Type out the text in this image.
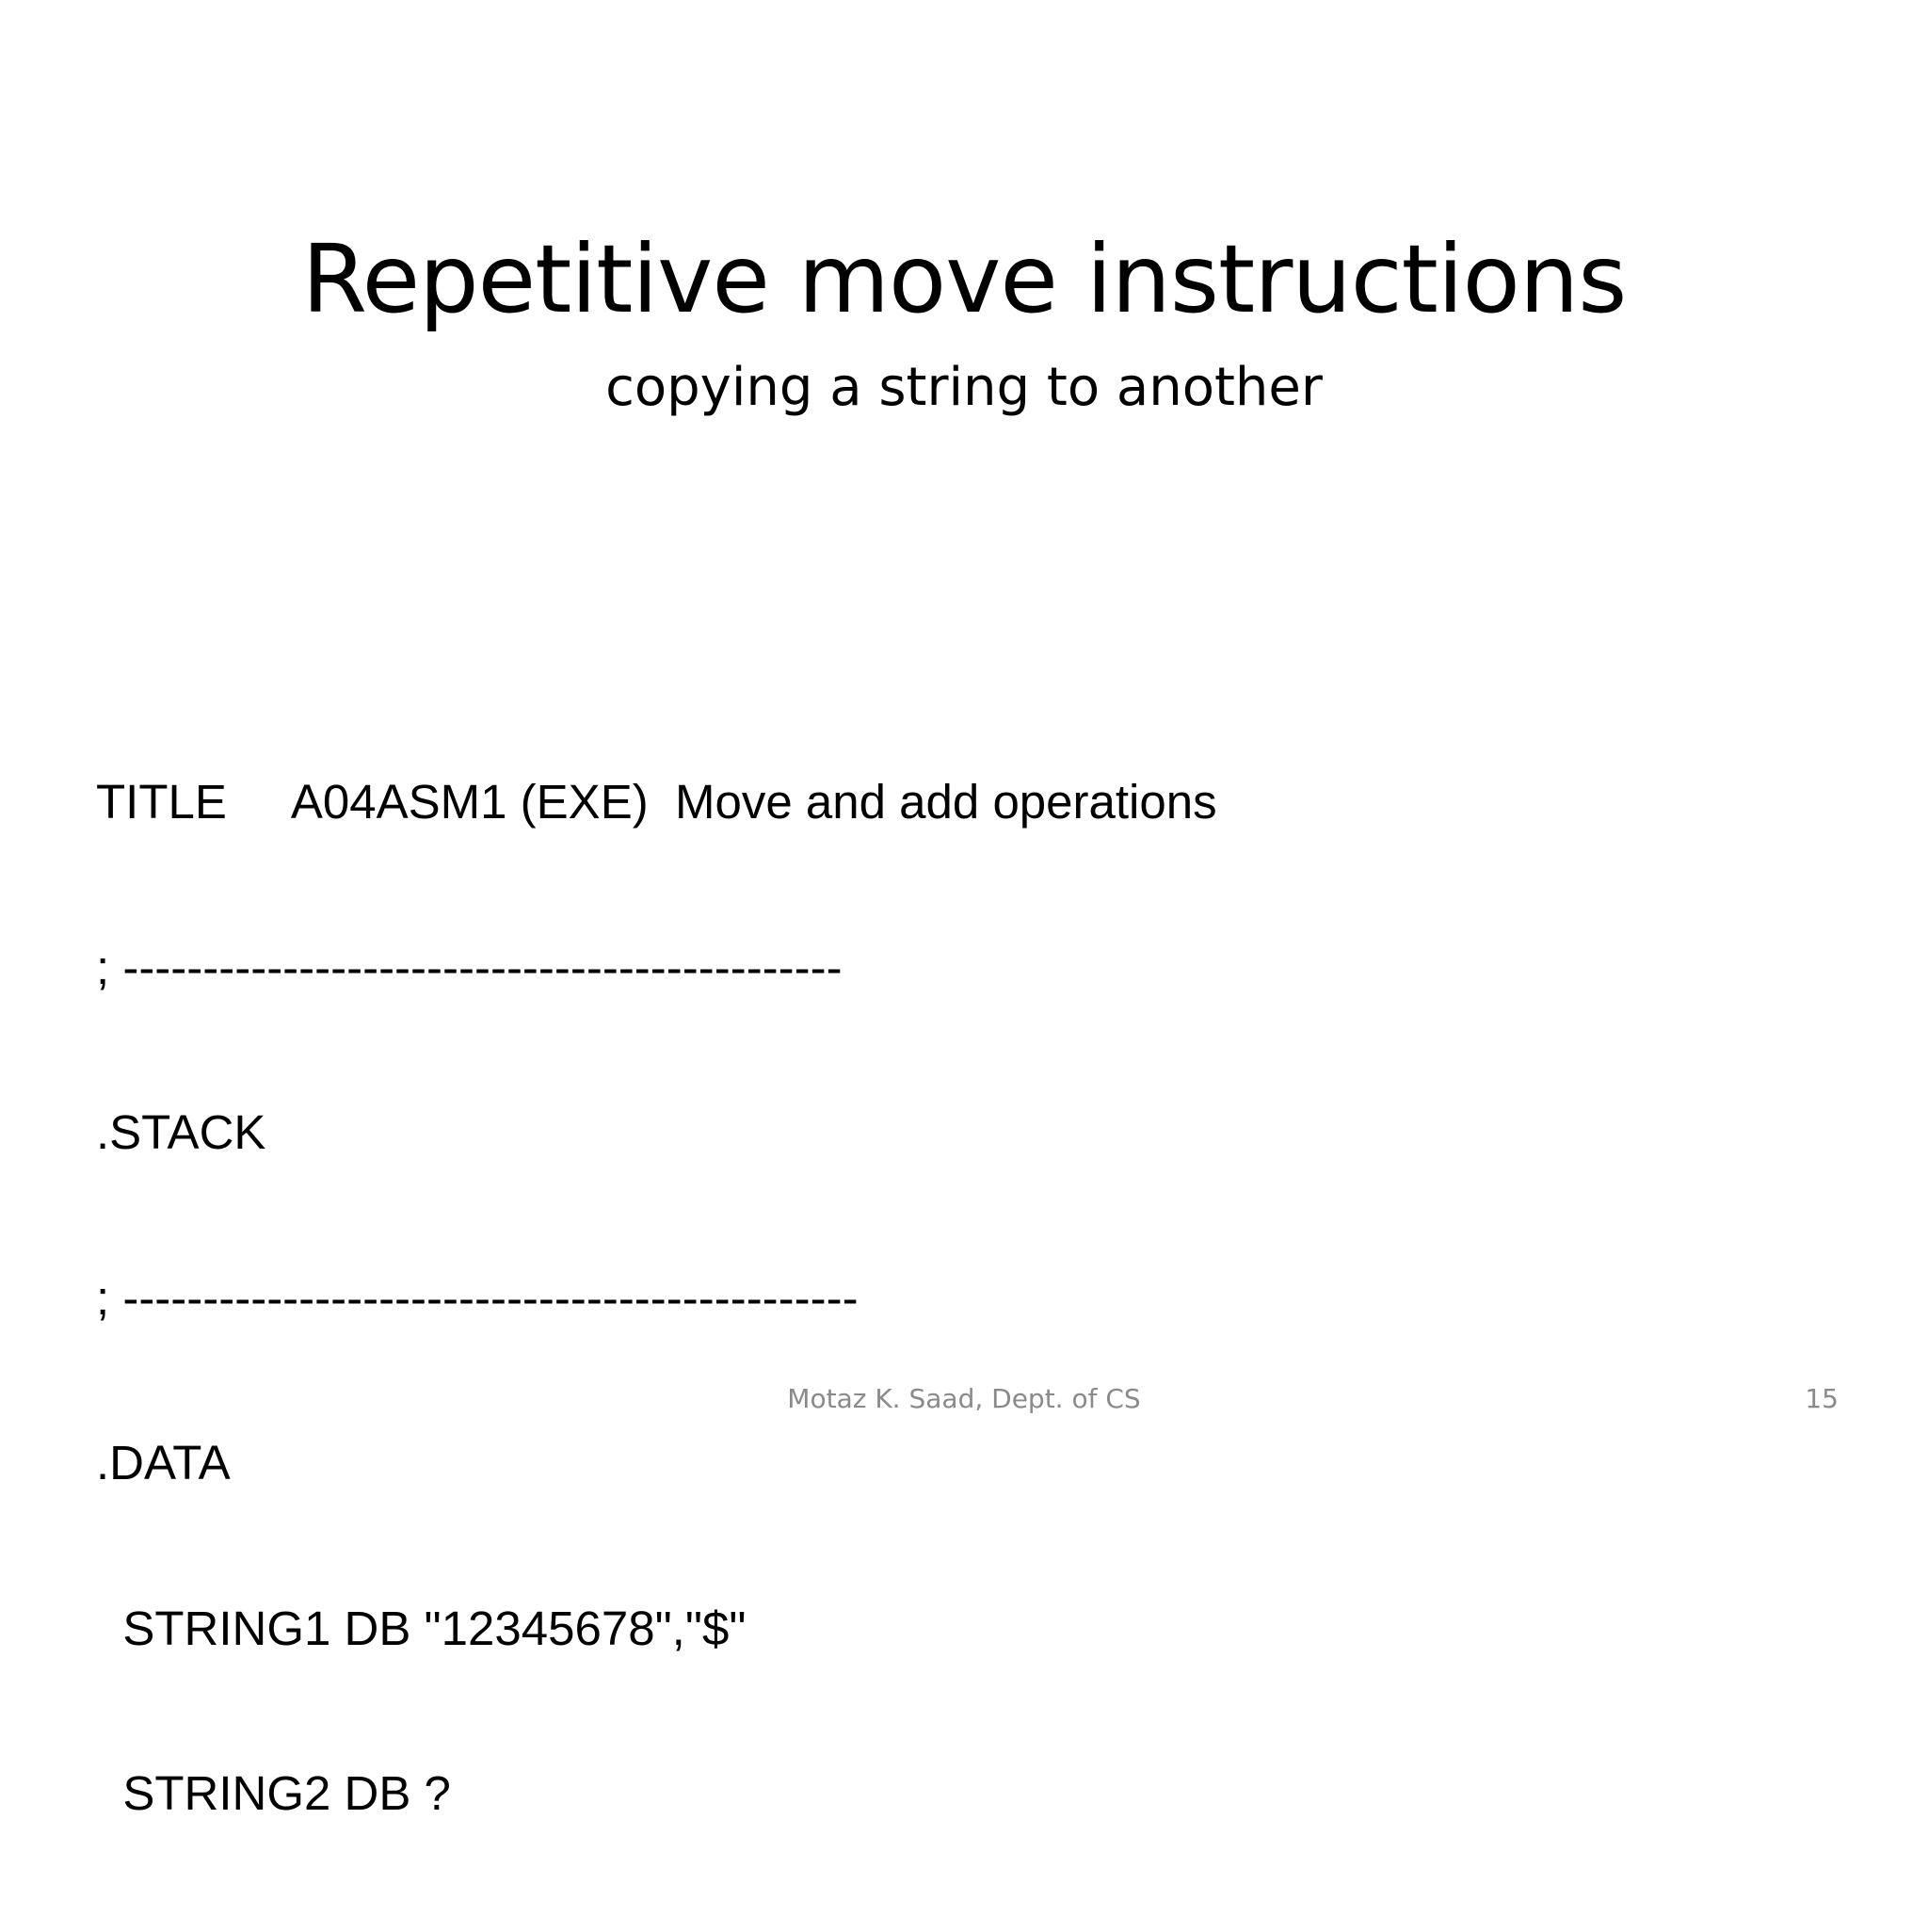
Repetitive move instructions
copying a string to another

TITLE     A04ASM1 (EXE)  Move and add operations

; ---------------------------------------------

.STACK

; ----------------------------------------------

.DATA

STRING1 DB "12345678","$"

STRING2 DB ?

Motaz K. Saad, Dept. of CS	15
